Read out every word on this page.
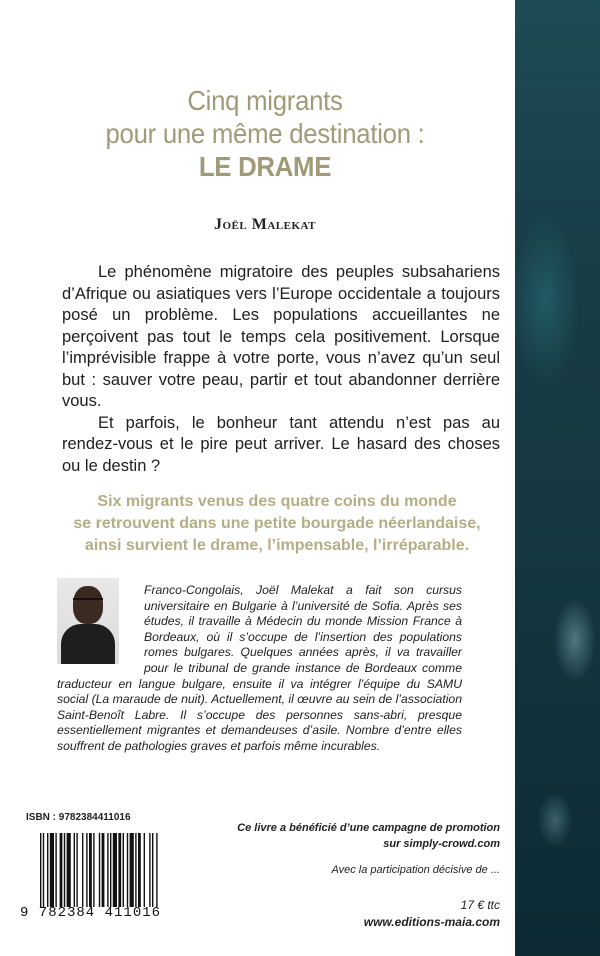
Cinq migrants
pour une même destination :
LE DRAME
Joël Malekat

Le phénomène migratoire des peuples subsahariens d’Afrique ou asiatiques vers l’Europe occidentale a toujours posé un problème. Les populations accueillantes ne perçoivent pas tout le temps cela positivement. Lorsque l’imprévisible frappe à votre porte, vous n’avez qu’un seul but : sauver votre peau, partir et tout abandonner derrière vous.

Et parfois, le bonheur tant attendu n’est pas au rendez-vous et le pire peut arriver. Le hasard des choses ou le destin ?

Six migrants venus des quatre coins du monde
se retrouvent dans une petite bourgade néerlandaise,
ainsi survient le drame, l’impensable, l’irréparable.
Franco-Congolais, Joël Malekat a fait son cursus universitaire en Bulgarie à l’université de Sofia. Après ses études, il travaille à Médecin du monde Mission France à Bordeaux, où il s’occupe de l’insertion des populations romes bulgares. Quelques années après, il va travailler pour le tribunal de grande instance de Bordeaux comme traducteur en langue bulgare, ensuite il va intégrer l’équipe du SAMU social (La maraude de nuit). Actuellement, il œuvre au sein de l’association Saint-Benoît Labre. Il s’occupe des personnes sans-abri, presque essentiellement migrantes et demandeuses d’asile. Nombre d’entre elles souffrent de pathologies graves et parfois même incurables.
ISBN : 9782384411016
9 782384 411016
Ce livre a bénéficié d’une campagne de promotion
sur simply-crowd.com
Avec la participation décisive de ...
17 € ttc
www.editions-maia.com
